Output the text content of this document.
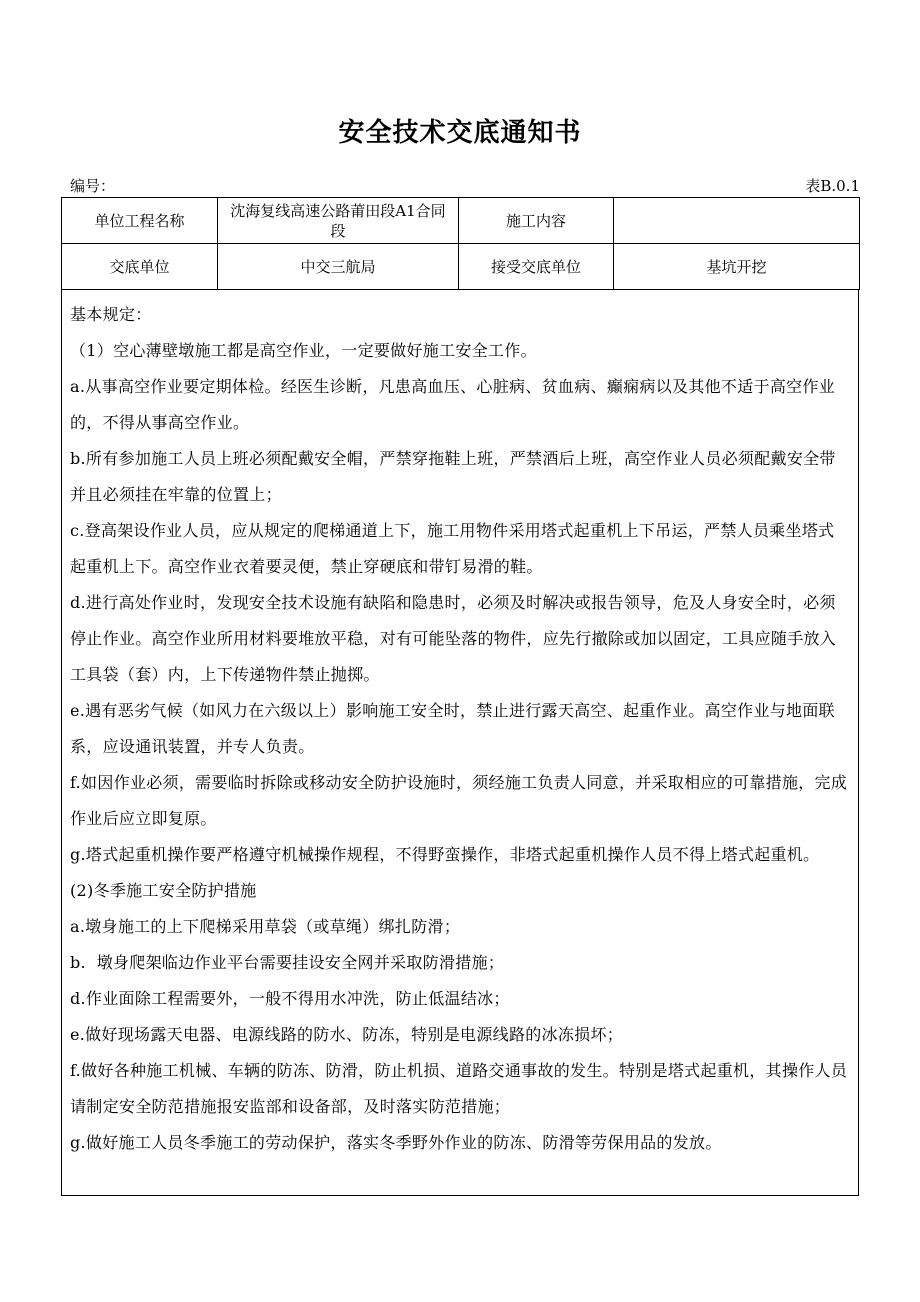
安全技术交底通知书
编号：	表B.0.1
单位工程名称	沈海复线高速公路莆田段A1合同段	施工内容	
交底单位	中交三航局	接受交底单位	基坑开挖

基本规定：

（1）空心薄壁墩施工都是高空作业，一定要做好施工安全工作。

a.从事高空作业要定期体检。经医生诊断，凡患高血压、心脏病、贫血病、癫痫病以及其他不适于高空作业的，不得从事高空作业。

b.所有参加施工人员上班必须配戴安全帽，严禁穿拖鞋上班，严禁酒后上班，高空作业人员必须配戴安全带并且必须挂在牢靠的位置上；

c.登高架设作业人员，应从规定的爬梯通道上下，施工用物件采用塔式起重机上下吊运，严禁人员乘坐塔式起重机上下。高空作业衣着要灵便，禁止穿硬底和带钉易滑的鞋。

d.进行高处作业时，发现安全技术设施有缺陷和隐患时，必须及时解决或报告领导，危及人身安全时，必须停止作业。高空作业所用材料要堆放平稳，对有可能坠落的物件，应先行撤除或加以固定，工具应随手放入工具袋（套）内，上下传递物件禁止抛掷。

e.遇有恶劣气候（如风力在六级以上）影响施工安全时，禁止进行露天高空、起重作业。高空作业与地面联系，应设通讯装置，并专人负责。

f.如因作业必须，需要临时拆除或移动安全防护设施时，须经施工负责人同意，并采取相应的可靠措施，完成作业后应立即复原。

g.塔式起重机操作要严格遵守机械操作规程，不得野蛮操作，非塔式起重机操作人员不得上塔式起重机。

(2)冬季施工安全防护措施

a.墩身施工的上下爬梯采用草袋（或草绳）绑扎防滑；

b.  墩身爬架临边作业平台需要挂设安全网并采取防滑措施；

d.作业面除工程需要外，一般不得用水冲洗，防止低温结冰；

e.做好现场露天电器、电源线路的防水、防冻，特别是电源线路的冰冻损坏；

f.做好各种施工机械、车辆的防冻、防滑，防止机损、道路交通事故的发生。特别是塔式起重机，其操作人员请制定安全防范措施报安监部和设备部，及时落实防范措施；

g.做好施工人员冬季施工的劳动保护，落实冬季野外作业的防冻、防滑等劳保用品的发放。
